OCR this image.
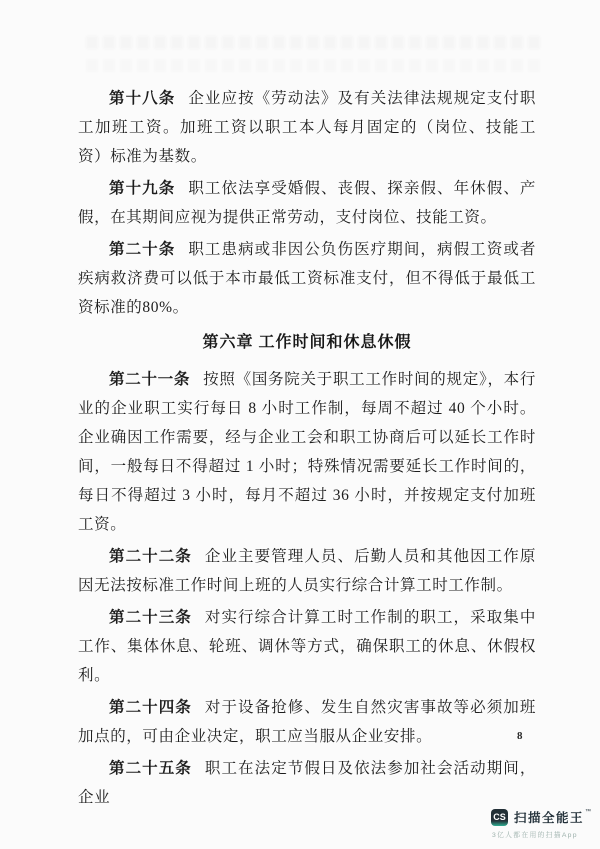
第十八条 企业应按《劳动法》及有关法律法规规定支付职工加班工资。加班工资以职工本人每月固定的（岗位、技能工资）标准为基数。

第十九条 职工依法享受婚假、丧假、探亲假、年休假、产假，在其期间应视为提供正常劳动，支付岗位、技能工资。

第二十条 职工患病或非因公负伤医疗期间，病假工资或者疾病救济费可以低于本市最低工资标准支付，但不得低于最低工资标准的80%。

第六章 工作时间和休息休假

第二十一条 按照《国务院关于职工工作时间的规定》，本行业的企业职工实行每日 8 小时工作制，每周不超过 40 个小时。企业确因工作需要，经与企业工会和职工协商后可以延长工作时间，一般每日不得超过 1 小时；特殊情况需要延长工作时间的，每日不得超过 3 小时，每月不超过 36 小时，并按规定支付加班工资。

第二十二条 企业主要管理人员、后勤人员和其他因工作原因无法按标准工作时间上班的人员实行综合计算工时工作制。

第二十三条 对实行综合计算工时工作制的职工，采取集中工作、集体休息、轮班、调休等方式，确保职工的休息、休假权利。

第二十四条 对于设备抢修、发生自然灾害事故等必须加班加点的，可由企业决定，职工应当服从企业安排。

第二十五条 职工在法定节假日及依法参加社会活动期间，企业

8
CS 扫描全能王 ™
3亿人都在用的扫描App
